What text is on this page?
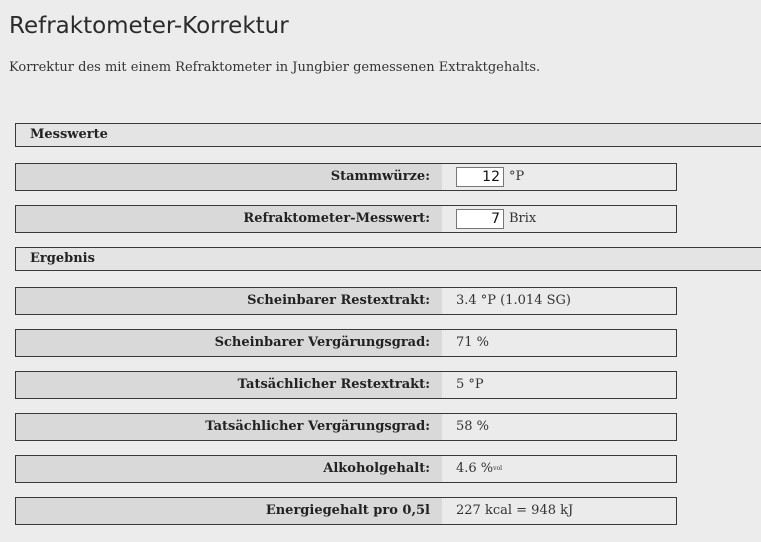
Refraktometer-Korrektur
Korrektur des mit einem Refraktometer in Jungbier gemessenen Extraktgehalts.
Messwerte
Stammwürze:
12	°P
Refraktometer-Messwert:
7	Brix
Ergebnis
Scheinbarer Restextrakt:	3.4 °P (1.014 SG)
Scheinbarer Vergärungsgrad:	71 %
Tatsächlicher Restextrakt:	5 °P
Tatsächlicher Vergärungsgrad:	58 %
Alkoholgehalt:	4.6 % vol
Energiegehalt pro 0,5l	227 kcal = 948 kJ
